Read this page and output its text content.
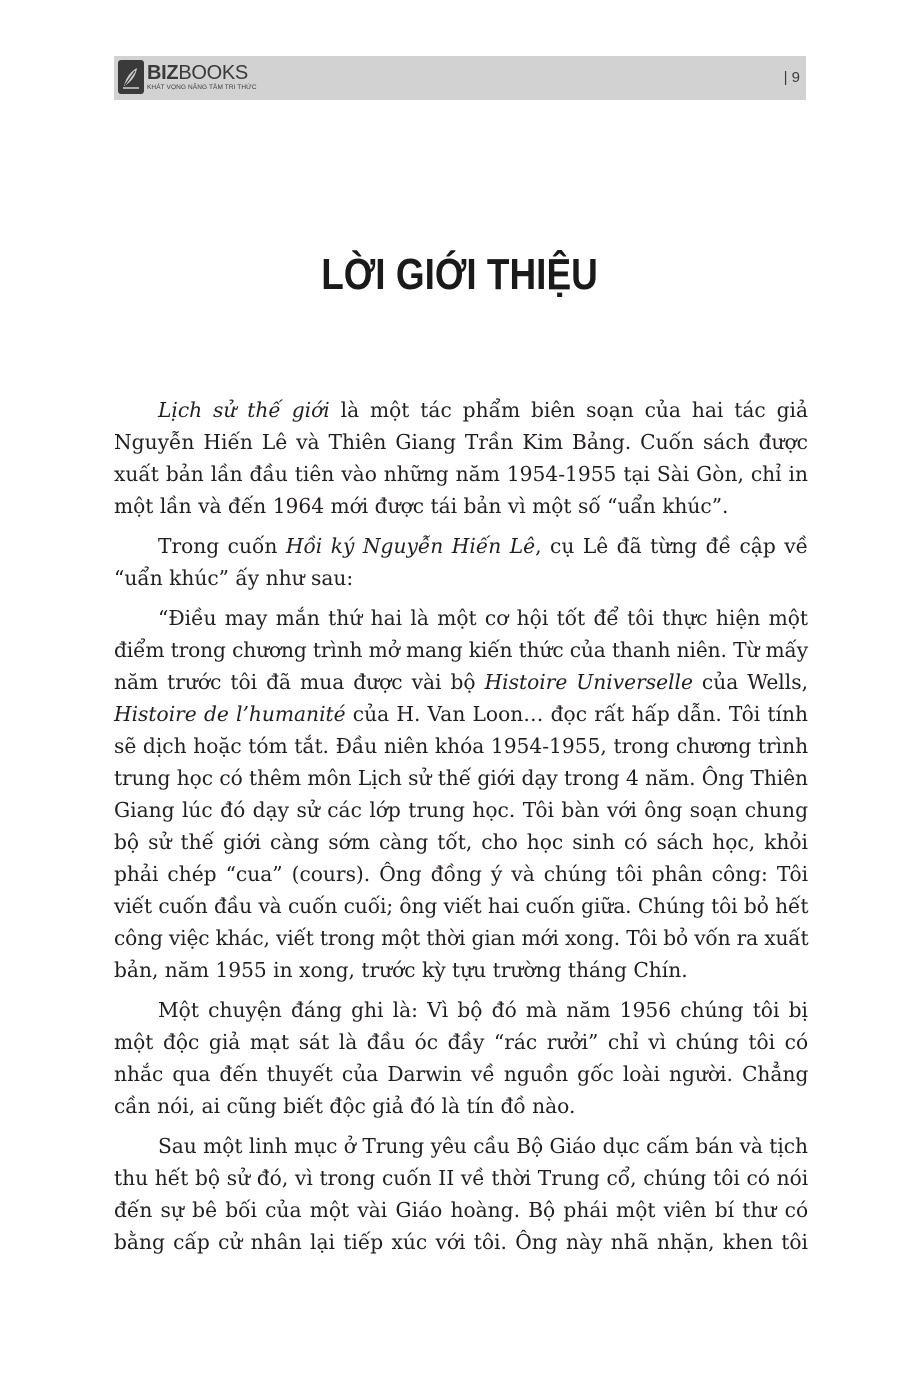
BIZBOOKS
KHÁT VỌNG NÂNG TẦM TRI THỨC
| 9
LỜI GIỚI THIỆU
Lịch sử thế giới là một tác phẩm biên soạn của hai tác giả
Nguyễn Hiến Lê và Thiên Giang Trần Kim Bảng. Cuốn sách được
xuất bản lần đầu tiên vào những năm 1954-1955 tại Sài Gòn, chỉ in
một lần và đến 1964 mới được tái bản vì một số “uẩn khúc”.
Trong cuốn Hồi ký Nguyễn Hiến Lê, cụ Lê đã từng đề cập về
“uẩn khúc” ấy như sau:
“Điều may mắn thứ hai là một cơ hội tốt để tôi thực hiện một
điểm trong chương trình mở mang kiến thức của thanh niên. Từ mấy
năm trước tôi đã mua được vài bộ Histoire Universelle của Wells,
Histoire de l’humanité của H. Van Loon… đọc rất hấp dẫn. Tôi tính
sẽ dịch hoặc tóm tắt. Đầu niên khóa 1954-1955, trong chương trình
trung học có thêm môn Lịch sử thế giới dạy trong 4 năm. Ông Thiên
Giang lúc đó dạy sử các lớp trung học. Tôi bàn với ông soạn chung
bộ sử thế giới càng sớm càng tốt, cho học sinh có sách học, khỏi
phải chép “cua” (cours). Ông đồng ý và chúng tôi phân công: Tôi
viết cuốn đầu và cuốn cuối; ông viết hai cuốn giữa. Chúng tôi bỏ hết
công việc khác, viết trong một thời gian mới xong. Tôi bỏ vốn ra xuất
bản, năm 1955 in xong, trước kỳ tựu trường tháng Chín.
Một chuyện đáng ghi là: Vì bộ đó mà năm 1956 chúng tôi bị
một độc giả mạt sát là đầu óc đầy “rác rưởi” chỉ vì chúng tôi có
nhắc qua đến thuyết của Darwin về nguồn gốc loài người. Chẳng
cần nói, ai cũng biết độc giả đó là tín đồ nào.
Sau một linh mục ở Trung yêu cầu Bộ Giáo dục cấm bán và tịch
thu hết bộ sử đó, vì trong cuốn II về thời Trung cổ, chúng tôi có nói
đến sự bê bối của một vài Giáo hoàng. Bộ phái một viên bí thư có
bằng cấp cử nhân lại tiếp xúc với tôi. Ông này nhã nhặn, khen tôi
